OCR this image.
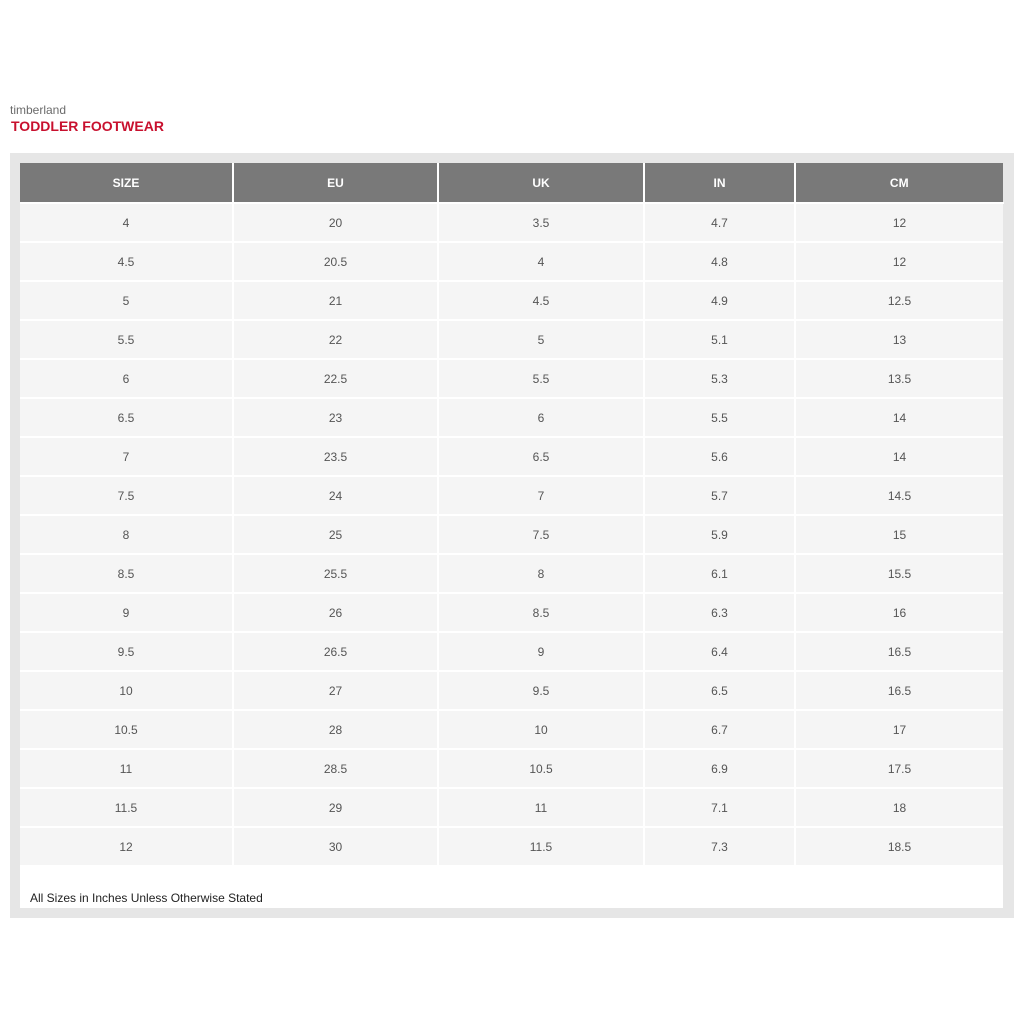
timberland
TODDLER FOOTWEAR
SIZE	EU	UK	IN	CM
4	20	3.5	4.7	12
4.5	20.5	4	4.8	12
5	21	4.5	4.9	12.5
5.5	22	5	5.1	13
6	22.5	5.5	5.3	13.5
6.5	23	6	5.5	14
7	23.5	6.5	5.6	14
7.5	24	7	5.7	14.5
8	25	7.5	5.9	15
8.5	25.5	8	6.1	15.5
9	26	8.5	6.3	16
9.5	26.5	9	6.4	16.5
10	27	9.5	6.5	16.5
10.5	28	10	6.7	17
11	28.5	10.5	6.9	17.5
11.5	29	11	7.1	18
12	30	11.5	7.3	18.5
All Sizes in Inches Unless Otherwise Stated
